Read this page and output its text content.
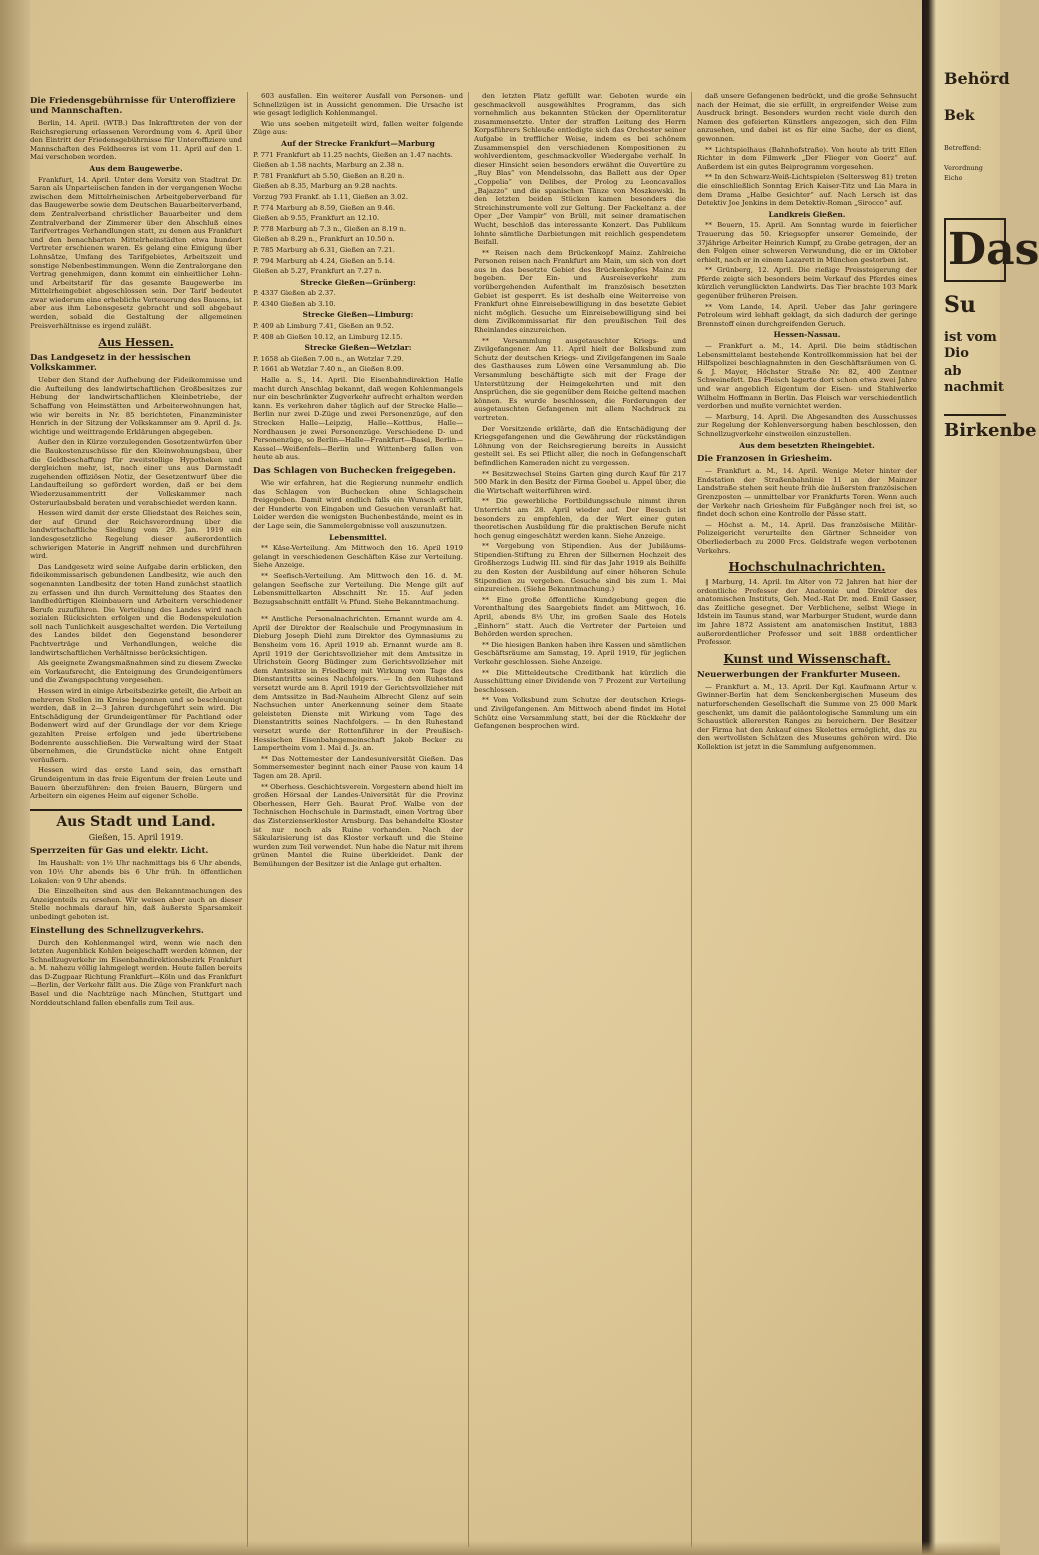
Die Friedensgebührnisse für Unteroffiziere und Mannschaften.

Berlin, 14. April. (WTB.) Das Inkrafttreten der von der Reichsregierung erlassenen Verordnung vom 4. April über den Eintritt der Friedensgebührnisse für Unteroffiziere und Mannschaften des Feldheeres ist vom 11. April auf den 1. Mai verschoben worden.

Aus dem Baugewerbe.

Frankfurt, 14. April. Unter dem Vorsitz von Stadtrat Dr. Saran als Unparteiischen fanden in der vergangenen Woche zwischen dem Mittelrheinischen Arbeitgeberverband für das Baugewerbe sowie dem Deutschen Bauarbeiterverband, dem Zentralverband christlicher Bauarbeiter und dem Zentralverband der Zimmerer über den Abschluß eines Tarifvertrages Verhandlungen statt, zu denen aus Frankfurt und den benachbarten Mittelrheinstädten etwa hundert Vertreter erschienen waren. Es gelang eine Einigung über Lohnsätze, Umfang des Tarifgebietes, Arbeitszeit und sonstige Nebenbestimmungen. Wenn die Zentralorgane den Vertrag genehmigen, dann kommt ein einheitlicher Lohn- und Arbeitstarif für das gesamte Baugewerbe im Mittelrheingebiet abgeschlossen sein. Der Tarif bedeutet zwar wiederum eine erhebliche Verteuerung des Bauens, ist aber aus ihm Lebensgesetz gebracht und soll abgebaut werden, sobald die Gestaltung der allgemeinen Preisverhältnisse es irgend zuläßt.

Aus Hessen.
Das Landgesetz in der hessischen Volkskammer.

Ueber den Stand der Aufhebung der Fideikommisse und die Aufteilung des landwirtschaftlichen Großbesitzes zur Hebung der landwirtschaftlichen Kleinbetriebe, der Schaffung von Heimstätten und Arbeiterwohnungen hat, wie wir bereits in Nr. 85 berichteten, Finanzminister Henrich in der Sitzung der Volkskammer am 9. April d. Js. wichtige und weittragende Erklärungen abgegeben.

Außer den in Kürze vorzulegenden Gesetzentwürfen über die Baukostenzuschüsse für den Kleinwohnungsbau, über die Geldbeschaffung für zweitstellige Hypotheken und dergleichen mehr, ist, nach einer uns aus Darmstadt zugehenden offiziösen Notiz, der Gesetzentwurf über die Landaufteilung so gefördert worden, daß er bei dem Wiederzusammentritt der Volkskammer nach Osterurlaubsbald beraten und verabschiedet werden kann.

Hessen wird damit der erste Gliedstaat des Reiches sein, der auf Grund der Reichsverordnung über die landwirtschaftliche Siedlung vom 29. Jan. 1919 ein landesgesetzliche Regelung dieser außerordentlich schwierigen Materie in Angriff nehmen und durchführen wird.

Das Landgesetz wird seine Aufgabe darin erblicken, den fideikommissarisch gebundenen Landbesitz, wie auch den sogenannten Landbesitz der toten Hand zunächst staatlich zu erfassen und ihn durch Vermittelung des Staates den landbedürftigen Kleinbauern und Arbeitern verschiedener Berufe zuzuführen. Die Verteilung des Landes wird nach sozialen Rücksichten erfolgen und die Bodenspekulation soll nach Tunlichkeit ausgeschaltet werden. Die Verteilung des Landes bildet den Gegenstand besonderer Pachtverträge und Verhandlungen, welche die landwirtschaftlichen Verhältnisse berücksichtigen.

Als geeignete Zwangsmaßnahmen sind zu diesem Zwecke ein Vorkaufsrecht, die Enteignung des Grundeigentümers und die Zwangspachtung vorgesehen.

Hessen wird in einige Arbeitsbezirke geteilt, die Arbeit an mehreren Stellen im Kreise begonnen und so beschleunigt werden, daß in 2—3 Jahren durchgeführt sein wird. Die Entschädigung der Grundeigentümer für Pachtland oder Bodenwert wird auf der Grundlage der vor dem Kriege gezahlten Preise erfolgen und jede übertriebene Bodenrente ausschließen. Die Verwaltung wird der Staat übernehmen, die Grundstücke nicht ohne Entgelt veräußern.

Hessen wird das erste Land sein, das ernsthaft Grundeigentum in das freie Eigentum der freien Leute und Bauern überzuführen: den freien Bauern, Bürgern und Arbeitern ein eigenes Heim auf eigener Scholle.

Aus Stadt und Land.

Gießen, 15. April 1919.

Sperrzeiten für Gas und elektr. Licht.

Im Haushalt: von 1½ Uhr nachmittags bis 6 Uhr abends, von 10½ Uhr abends bis 6 Uhr früh. In öffentlichen Lokalen: von 9 Uhr abends.

Die Einzelheiten sind aus den Bekanntmachungen des Anzeigenteils zu ersehen. Wir weisen aber auch an dieser Stelle nochmals darauf hin, daß äußerste Sparsamkeit unbedingt geboten ist.

Einstellung des Schnellzugverkehrs.

Durch den Kohlenmangel wird, wenn wie nach den letzten Augenblick Kohlen beigeschafft werden können, der Schnellzugverkehr im Eisenbahndirektionsbezirk Frankfurt a. M. nahezu völlig lahmgelegt werden. Heute fallen bereits das D-Zugpaar Richtung Frankfurt—Köln und das Frankfurt—Berlin, der Verkehr fällt aus. Die Züge von Frankfurt nach Basel und die Nachtzüge nach München, Stuttgart und Norddeutschland fallen ebenfalls zum Teil aus.

603 ausfallen. Ein weiterer Ausfall von Personen- und Schnellzügen ist in Aussicht genommen. Die Ursache ist wie gesagt lediglich Kohlenmangel.

Wie uns soeben mitgeteilt wird, fallen weiter folgende Züge aus:

Auf der Strecke Frankfurt—Marburg

P. 771 Frankfurt ab 11.25 nachts, Gießen an 1.47 nachts.

Gießen ab 1.58 nachts, Marburg an 2.38 n.

P. 781 Frankfurt ab 5.50, Gießen an 8.20 n.

Gießen ab 8.35, Marburg an 9.28 nachts.

Vorzug 793 Frankf. ab 1.11, Gießen an 3.02.

P. 774 Marburg ab 8.59, Gießen an 9.46.

Gießen ab 9.55, Frankfurt an 12.10.

P. 778 Marburg ab 7.3 n., Gießen an 8.19 n.

Gießen ab 8.29 n., Frankfurt an 10.50 n.

P. 785 Marburg ab 6.31, Gießen an 7.21.

P. 794 Marburg ab 4.24, Gießen an 5.14.

Gießen ab 5.27, Frankfurt an 7.27 n.

Strecke Gießen—Grünberg:

P. 4337 Gießen ab 2.37.

P. 4340 Gießen ab 3.10.

Strecke Gießen—Limburg:

P. 409 ab Limburg 7.41, Gießen an 9.52.

P. 408 ab Gießen 10.12, an Limburg 12.15.

Strecke Gießen—Wetzlar:

P. 1658 ab Gießen 7.00 n., an Wetzlar 7.29.

P. 1661 ab Wetzlar 7.40 n., an Gießen 8.09.

Halle a. S., 14. April. Die Eisenbahndirektion Halle macht durch Anschlag bekannt, daß wegen Kohlenmangels nur ein beschränkter Zugverkehr aufrecht erhalten werden kann. Es verkehren daher täglich auf der Strecke Halle—Berlin nur zwei D-Züge und zwei Personenzüge, auf den Strecken Halle—Leipzig, Halle—Kottbus, Halle—Nordhausen je zwei Personenzüge. Verschiedene D- und Personenzüge, so Berlin—Halle—Frankfurt—Basel, Berlin—Kassel—Weißenfels—Berlin und Wittenberg fallen von heute ab aus.

Das Schlagen von Buchecken freigegeben.

Wie wir erfahren, hat die Regierung nunmehr endlich das Schlagen von Buchecken ohne Schlagschein freigegeben. Damit wird endlich falls ein Wunsch erfüllt, der Hunderte von Eingaben und Gesuchen veranlaßt hat. Leider werden die wenigsten Buchenbestände, meint es in der Lage sein, die Sammelergebnisse voll auszunutzen.

Lebensmittel.

** Käse-Verteilung. Am Mittwoch den 16. April 1919 gelangt in verschiedenen Geschäften Käse zur Verteilung. Siehe Anzeige.

** Seefisch-Verteilung. Am Mittwoch den 16. d. M. gelangen Seefische zur Verteilung. Die Menge gilt auf Lebensmittelkarten Abschnitt Nr. 15. Auf jeden Bezugsabschnitt entfällt ¼ Pfund. Siehe Bekanntmachung.

** Amtliche Personalnachrichten. Ernannt wurde am 4. April der Direktor der Realschule und Progymnasium in Dieburg Joseph Diehl zum Direktor des Gymnasiums zu Bensheim vom 16. April 1919 ab. Ernannt wurde am 8. April 1919 der Gerichtsvollzieher mit dem Amtssitze in Ulrichstein Georg Büdinger zum Gerichtsvollzieher mit dem Amtssitze in Friedberg mit Wirkung vom Tage des Dienstantritts seines Nachfolgers. — In den Ruhestand versetzt wurde am 8. April 1919 der Gerichtsvollzieher mit dem Amtssitze in Bad-Nauheim Albrecht Glenz auf sein Nachsuchen unter Anerkennung seiner dem Staate geleisteten Dienste mit Wirkung vom Tage des Dienstantritts seines Nachfolgers. — In den Ruhestand versetzt wurde der Rottenführer in der Preußisch-Hessischen Eisenbahngemeinschaft Jakob Becker zu Lampertheim vom 1. Mai d. Js. an.

** Das Nottemester der Landesuniversität Gießen. Das Sommersemester beginnt nach einer Pause von kaum 14 Tagen am 28. April.

** Oberhess. Geschichtsverein. Vorgestern abend hielt im großen Hörsaal der Landes-Universität für die Provinz Oberhessen, Herr Geh. Baurat Prof. Walbe von der Technischen Hochschule in Darmstadt, einen Vortrag über das Zisterzienserkloster Arnsburg. Das behandelte Kloster ist nur noch als Ruine vorhanden. Nach der Säkularisierung ist das Kloster verkauft und die Steine wurden zum Teil verwendet. Nun habe die Natur mit ihrem grünen Mantel die Ruine überkleidet. Dank der Bemühungen der Besitzer ist die Anlage gut erhalten.

den letzten Platz gefüllt war. Geboten wurde ein geschmackvoll ausgewähltes Programm, das sich vornehmlich aus bekannten Stücken der Opernliteratur zusammensetzte. Unter der straffen Leitung des Herrn Korpsführers Schleuße entledigte sich das Orchester seiner Aufgabe in trefflicher Weise, indem es bei schönem Zusammenspiel den verschiedenen Kompositionen zu wohlverdientem, geschmackvoller Wiedergabe verhalf. In dieser Hinsicht seien besonders erwähnt die Ouvertüre zu „Ruy Blas“ von Mendelssohn, das Ballett aus der Oper „Coppelia“ von Delibes, der Prolog zu Leoncavallos „Bajazzo“ und die spanischen Tänze von Moszkowski. In den letzten beiden Stücken kamen besonders die Streichinstrumente voll zur Geltung. Der Fackeltanz a. der Oper „Der Vampir“ von Brüll, mit seiner dramatischen Wucht, beschloß das interessante Konzert. Das Publikum lohnte sämtliche Darbietungen mit reichlich gespendetem Beifall.

** Reisen nach dem Brückenkopf Mainz. Zahlreiche Personen reisen nach Frankfurt am Main, um sich von dort aus in das besetzte Gebiet des Brückenkopfes Mainz zu begeben. Der Ein- und Ausreiseverkehr zum vorübergehenden Aufenthalt im französisch besetzten Gebiet ist gesperrt. Es ist deshalb eine Weiterreise von Frankfurt ohne Einreisebewilligung in das besetzte Gebiet nicht möglich. Gesuche um Einreisebewilligung sind bei dem Zivilkommissariat für den preußischen Teil des Rheinlandes einzureichen.

** Versammlung ausgetauschter Kriegs- und Zivilgefangener. Am 11. April hielt der Bolksbund zum Schutz der deutschen Kriegs- und Zivilgefangenen im Saale des Gasthauses zum Löwen eine Versammlung ab. Die Versammlung beschäftigte sich mit der Frage der Unterstützung der Heimgekehrten und mit den Ansprüchen, die sie gegenüber dem Reiche geltend machen können. Es wurde beschlossen, die Forderungen der ausgetauschten Gefangenen mit allem Nachdruck zu vertreten.

Der Vorsitzende erklärte, daß die Entschädigung der Kriegsgefangenen und die Gewährung der rückständigen Löhnung von der Reichsregierung bereits in Aussicht gestellt sei. Es sei Pflicht aller, die noch in Gefangenschaft befindlichen Kameraden nicht zu vergessen.

** Besitzwechsel Steins Garten ging durch Kauf für 217 500 Mark in den Besitz der Firma Goebel u. Appel über, die die Wirtschaft weiterführen wird.

** Die gewerbliche Fortbildungsschule nimmt ihren Unterricht am 28. April wieder auf. Der Besuch ist besonders zu empfehlen, da der Wert einer guten theoretischen Ausbildung für die praktischen Berufe nicht hoch genug eingeschätzt werden kann. Siehe Anzeige.

** Vergebung von Stipendien. Aus der Jubiläums-Stipendien-Stiftung zu Ehren der Silbernen Hochzeit des Großherzogs Ludwig III. sind für das Jahr 1919 als Beihilfe zu den Kosten der Ausbildung auf einer höheren Schule Stipendien zu vergeben. Gesuche sind bis zum 1. Mai einzureichen. (Siehe Bekanntmachung.)

** Eine große öffentliche Kundgebung gegen die Vorenthaltung des Saargebiets findet am Mittwoch, 16. April, abends 8½ Uhr, im großen Saale des Hotels „Einhorn“ statt. Auch die Vertreter der Parteien und Behörden werden sprechen.

** Die hiesigen Banken haben ihre Kassen und sämtlichen Geschäftsräume am Samstag, 19. April 1919, für jeglichen Verkehr geschlossen. Siehe Anzeige.

** Die Mitteldeutsche Creditbank hat kürzlich die Ausschüttung einer Dividende von 7 Prozent zur Verteilung beschlossen.

** Vom Volksbund zum Schutze der deutschen Kriegs- und Zivilgefangenen. Am Mittwoch abend findet im Hotel Schütz eine Versammlung statt, bei der die Rückkehr der Gefangenen besprochen wird.

daß unsere Gefangenen bedrückt, und die große Sehnsucht nach der Heimat, die sie erfüllt, in ergreifender Weise zum Ausdruck bringt. Besonders wurden recht viele durch den Namen des gefeierten Künstlers angezogen, sich den Film anzusehen, und dabei ist es für eine Sache, der es dient, gewonnen.

** Lichtspielhaus (Bahnhofstraße). Von heute ab tritt Ellen Richter in dem Filmwerk „Der Flieger von Goerz“ auf. Außerdem ist ein gutes Beiprogramm vorgesehen.

** In den Schwarz-Weiß-Lichtspielen (Seltersweg 81) treten die einschließlich Sonntag Erich Kaiser-Titz und Lia Mara in dem Drama „Halbe Gesichter“ auf. Nach Lersch ist das Detektiv Joe Jenkins in dem Detektiv-Roman „Sirocco“ auf.

Landkreis Gießen.

** Beuern, 15. April. Am Sonntag wurde in feierlicher Trauerung das 50. Kriegsopfer unserer Gemeinde, der 37jährige Arbeiter Heinrich Kumpf, zu Grabe getragen, der an den Folgen einer schweren Verwundung, die er im Oktober erhielt, nach er in einem Lazarett in München gestorben ist.

** Grünberg, 12. April. Die rießige Preissteigerung der Pferde zeigte sich besonders beim Verkauf des Pferdes eines kürzlich verunglückten Landwirts. Das Tier brachte 103 Mark gegenüber früheren Preisen.

** Vom Lande, 14. April. Ueber das Jahr geringere Petroleum wird lebhaft geklagt, da sich dadurch der geringe Brennstoff einen durchgreifenden Geruch.

Hessen-Nassau.

— Frankfurt a. M., 14. April. Die beim städtischen Lebensmittelamt bestehende Kontrollkommission hat bei der Hilfspolizei beschlagnahmten in den Geschäftsräumen von G. & J. Mayer, Höchster Straße Nr. 82, 400 Zentner Schweinefett. Das Fleisch lagerte dort schon etwa zwei Jahre und war angeblich Eigentum der Eisen- und Stahlwerke Wilhelm Hoffmann in Berlin. Das Fleisch war verschiedentlich verdorben und mußte vernichtet werden.

— Marburg, 14. April. Die Abgesandten des Ausschusses zur Regelung der Kohlenversorgung haben beschlossen, den Schnellzugverkehr einstweilen einzustellen.

Aus dem besetzten Rheingebiet.
Die Franzosen in Griesheim.

— Frankfurt a. M., 14. April. Wenige Meter hinter der Endstation der Straßenbahnlinie 11 an der Mainzer Landstraße stehen seit heute früh die äußersten französischen Grenzposten — unmittelbar vor Frankfurts Toren. Wenn auch der Verkehr nach Griesheim für Fußgänger noch frei ist, so findet doch schon eine Kontrolle der Pässe statt.

— Höchst a. M., 14. April. Das französische Militär-Polizeigericht verurteilte den Gärtner Schneider von Oberliederbach zu 2000 Frcs. Geldstrafe wegen verbotenen Verkehrs.

Hochschulnachrichten.

‖ Marburg, 14. April. Im Alter von 72 Jahren hat hier der ordentliche Professor der Anatomie und Direktor des anatomischen Instituts, Geh. Med.-Rat Dr. med. Emil Gasser, das Zeitliche gesegnet. Der Verblichene, selbst Wiege in Idstein im Taunus stand, war Marburger Student, wurde dann im Jahre 1872 Assistent am anatomischen Institut, 1883 außerordentlicher Professor und seit 1888 ordentlicher Professor.

Kunst und Wissenschaft.
Neuerwerbungen der Frankfurter Museen.

— Frankfurt a. M., 13. April. Der Kgl. Kaufmann Artur v. Gwinner-Berlin hat dem Senckenbergischen Museum des naturforschenden Gesellschaft die Summe von 25 000 Mark geschenkt, um damit die paläontologische Sammlung um ein Schaustück allerersten Ranges zu bereichern. Der Besitzer der Firma hat den Ankauf eines Skelettes ermöglicht, das zu den wertvollsten Schätzen des Museums gehören wird. Die Kollektion ist jetzt in die Sammlung aufgenommen.

Behörd

Bek

Betreffend:

Verordnung

Eiche

Das

Su

ist vom Dio

ab nachmit

Birkenbe
